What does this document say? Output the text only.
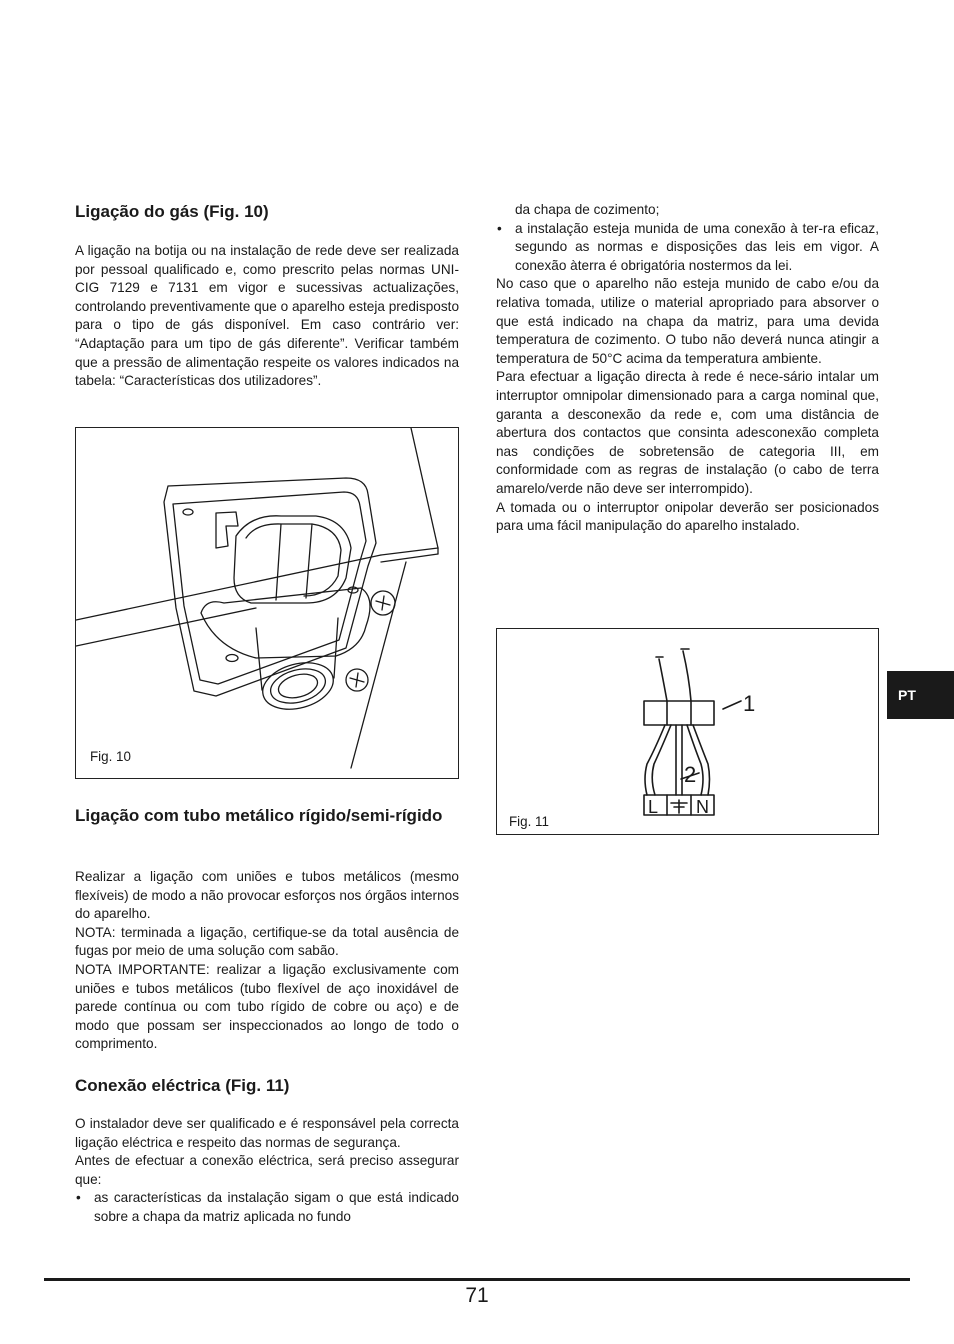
Ligação do gás (Fig. 10)

A ligação na botija ou na instalação de rede deve ser realizada por pessoal qualificado e, como prescrito pelas normas UNI-CIG 7129 e 7131 em vigor e sucessivas actualizações, controlando preventivamente que o aparelho esteja predisposto para o tipo de gás disponível. Em caso contrário ver: “Adaptação para um tipo de gás diferente”. Verificar também que a pressão de alimentação respeite os valores indicados na tabela: “Características dos utilizadores”.

Fig. 10
Ligação com tubo metálico rígido/semi-rígido

Realizar a ligação com uniões e tubos metálicos (mesmo flexíveis) de modo a não provocar esforços nos órgãos internos do aparelho.

NOTA: terminada a ligação, certifique-se da total ausência de fugas por meio de uma solução com sabão.

NOTA IMPORTANTE: realizar a ligação exclusivamente com uniões e tubos metálicos (tubo flexível de aço inoxidável de parede contínua ou com tubo rígido de cobre ou aço) e de modo que possam ser inspeccionados ao longo de todo o comprimento.

Conexão eléctrica (Fig. 11)

O instalador deve ser qualificado e é responsável pela correcta ligação eléctrica e respeito das normas de segurança.

Antes de efectuar a conexão eléctrica, será preciso assegurar que:

• as características da instalação sigam o que está indicado sobre a chapa da matriz aplicada no fundo
da chapa de cozimento;
• a instalação esteja munida de uma conexão à ter-ra eficaz, segundo as normas e disposições das leis em vigor. A conexão àterra é obrigatória nostermos da lei.

No caso que o aparelho não esteja munido de cabo e/ou da relativa tomada, utilize o material apropriado para absorver o que está indicado na chapa da matriz, para uma devida temperatura de cozimento. O tubo não deverá nunca atingir a temperatura de 50°C acima da temperatura ambiente.

Para efectuar a ligação directa à rede é nece-sário intalar um interruptor omnipolar dimensionado para a carga nominal que, garanta a desconexão da rede e, com uma distância de abertura dos contactos que consinta adesconexão completa nas condições de sobretensão de categoria III, em conformidade com as regras de instalação (o cabo de terra amarelo/verde não deve ser interrompido).

A tomada ou o interruptor onipolar deverão ser posicionados para uma fácil manipulação do aparelho instalado.

1
2
L N
Fig. 11
PT
71
